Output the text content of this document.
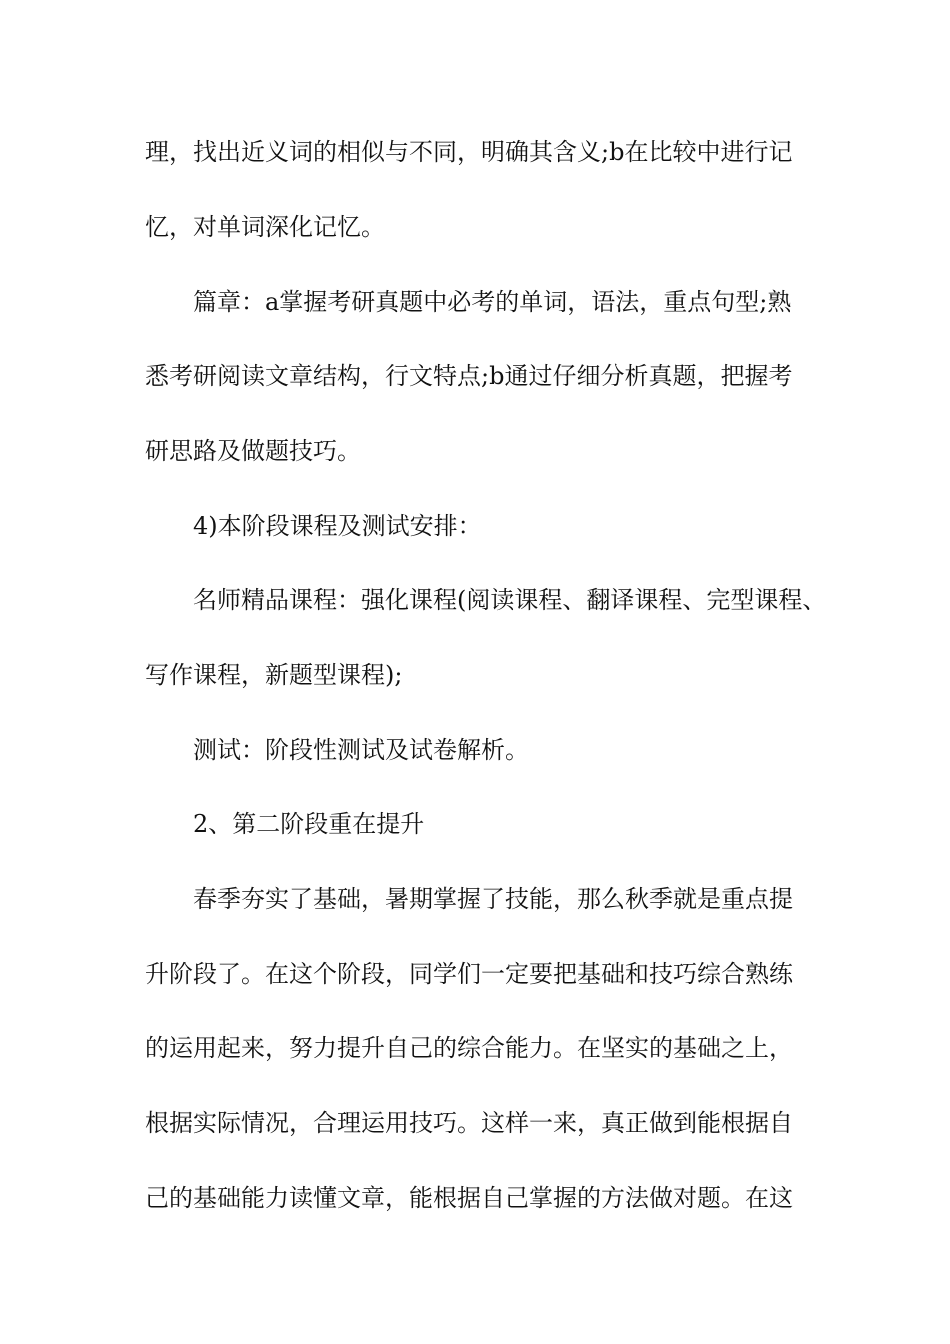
理，找出近义词的相似与不同，明确其含义;b在比较中进行记
忆，对单词深化记忆。
篇章：a掌握考研真题中必考的单词，语法，重点句型;熟
悉考研阅读文章结构，行文特点;b通过仔细分析真题，把握考
研思路及做题技巧。
4)本阶段课程及测试安排：
名师精品课程：强化课程(阅读课程、翻译课程、完型课程、
写作课程，新题型课程);
测试：阶段性测试及试卷解析。
2、第二阶段重在提升
春季夯实了基础，暑期掌握了技能，那么秋季就是重点提
升阶段了。在这个阶段，同学们一定要把基础和技巧综合熟练
的运用起来，努力提升自己的综合能力。在坚实的基础之上，
根据实际情况，合理运用技巧。这样一来，真正做到能根据自
己的基础能力读懂文章，能根据自己掌握的方法做对题。在这
